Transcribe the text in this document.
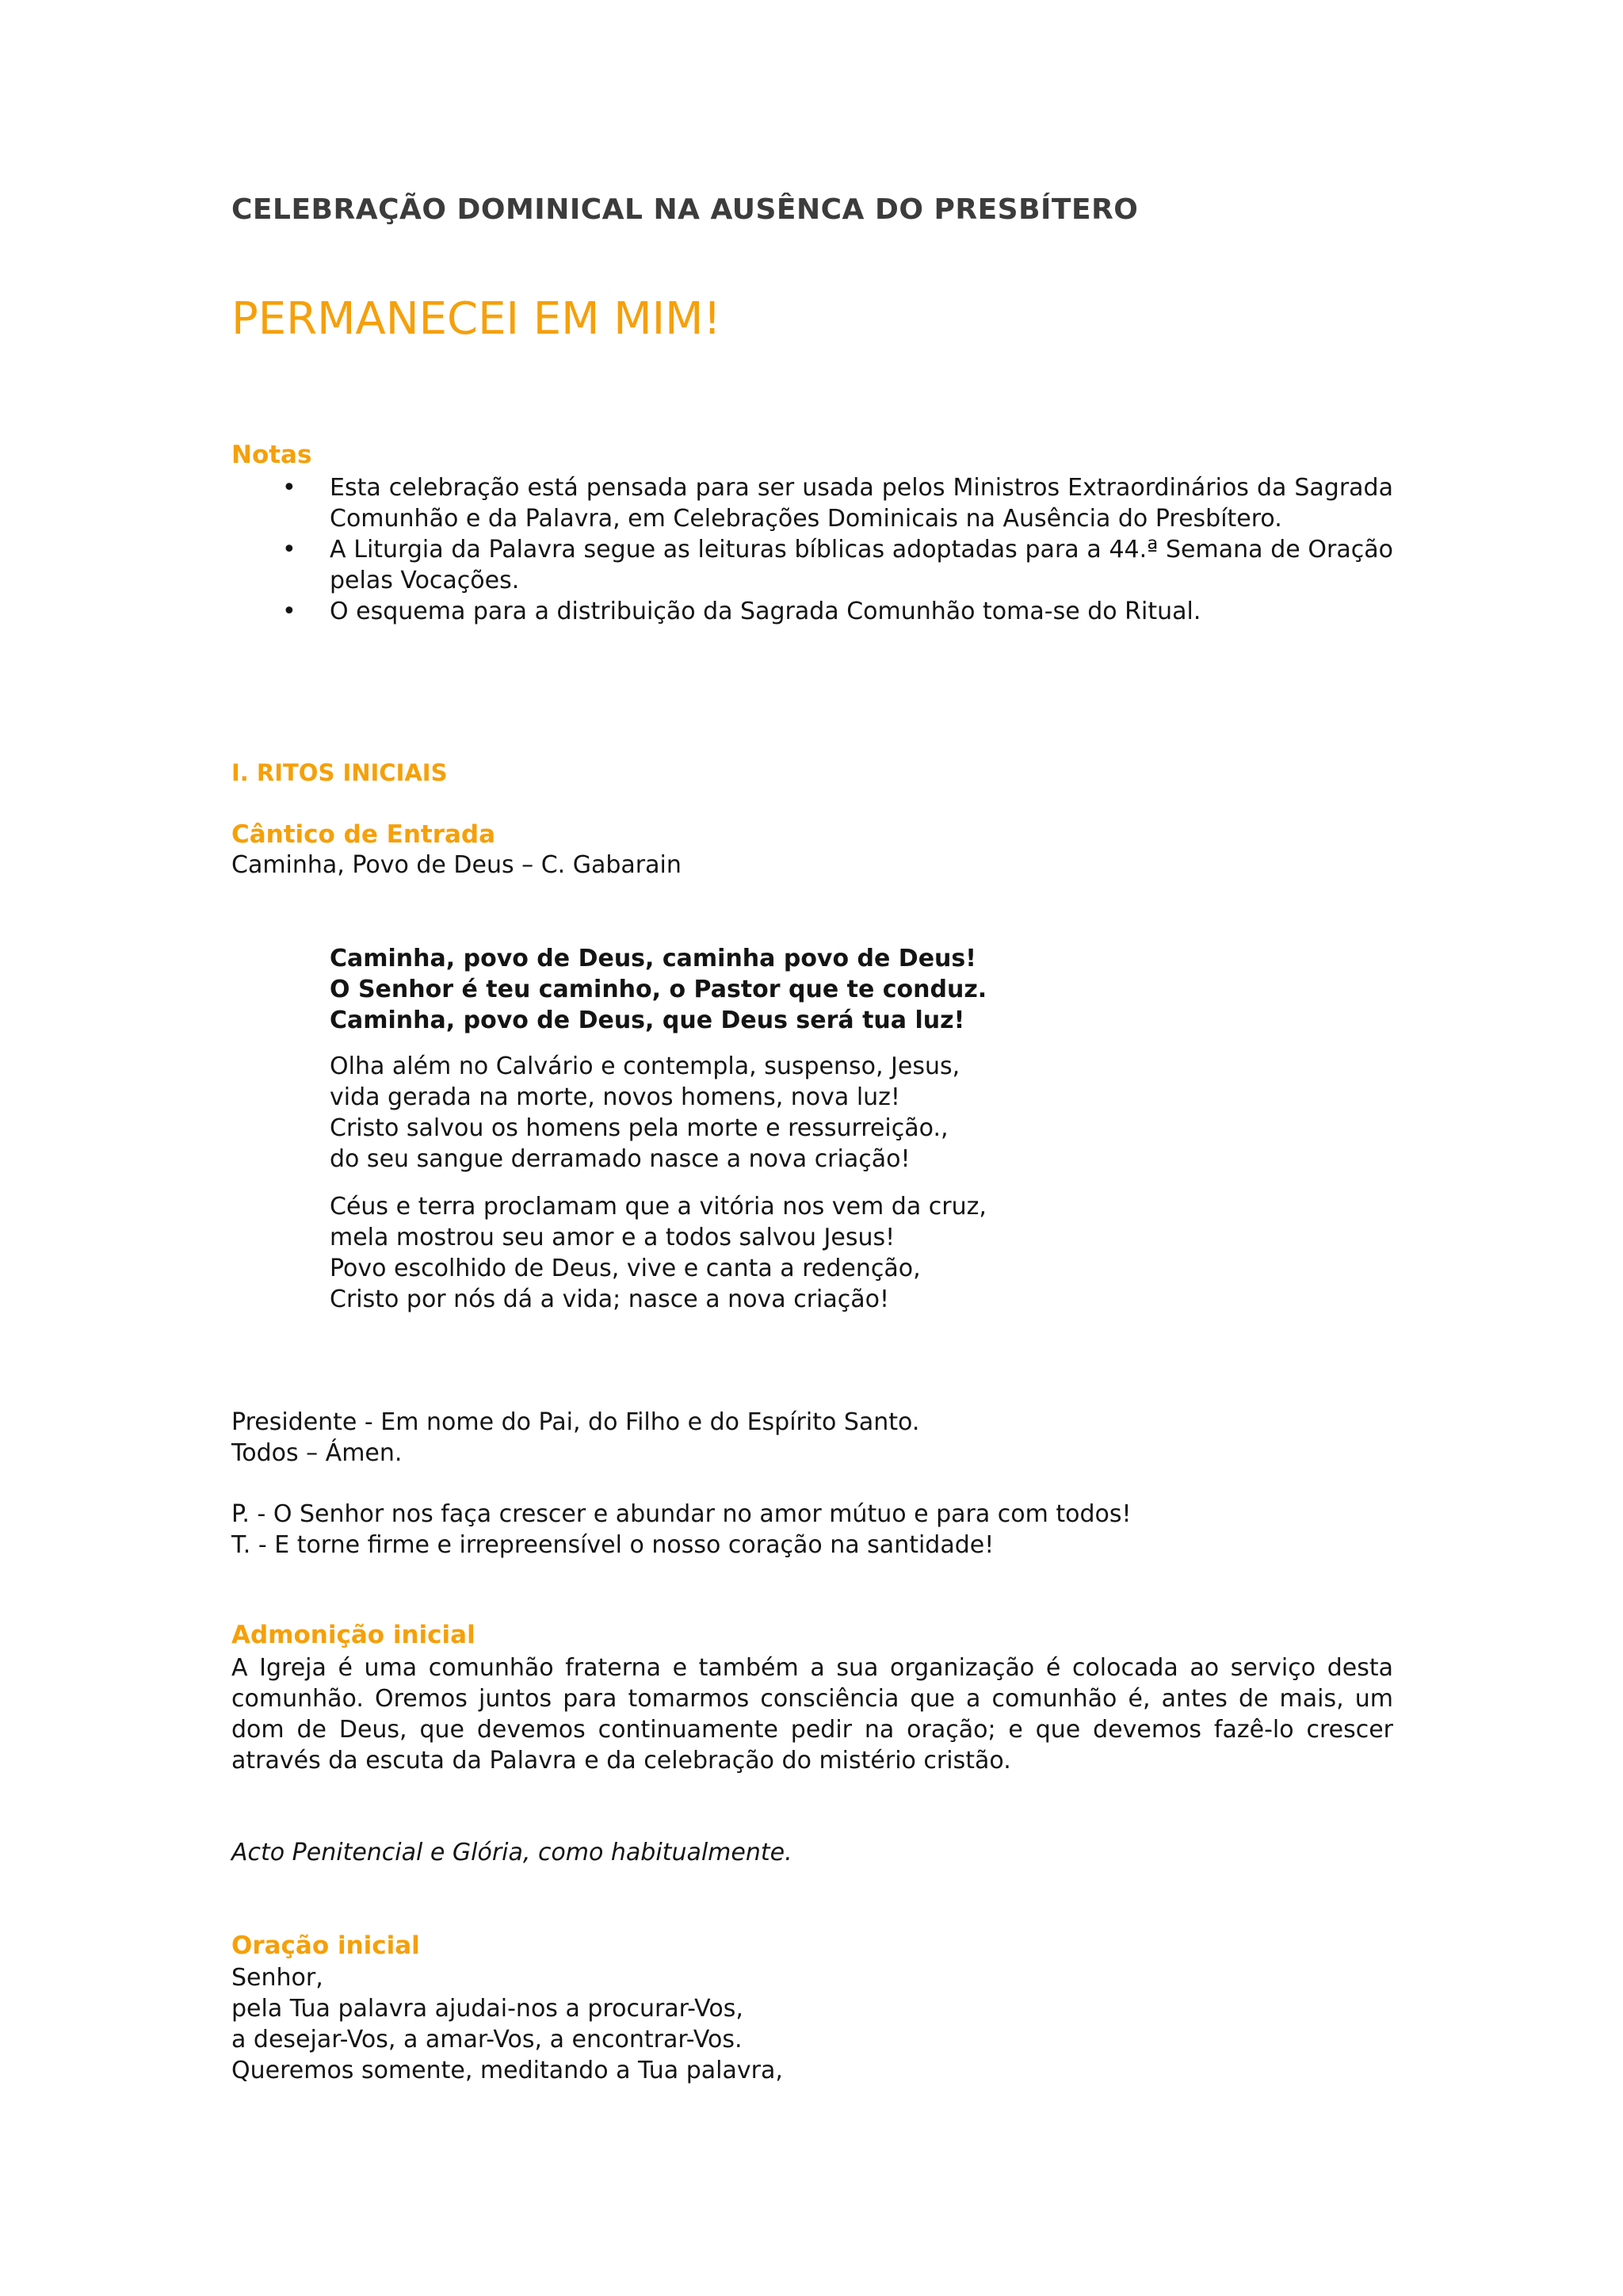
CELEBRAÇÃO DOMINICAL NA AUSÊNCA DO PRESBÍTERO
PERMANECEI EM MIM!
Notas
• Esta celebração está pensada para ser usada pelos Ministros Extraordinários da Sagrada Comunhão e da Palavra, em Celebrações Dominicais na Ausência do Presbítero.
• A Liturgia da Palavra segue as leituras bíblicas adoptadas para a 44.ª Semana de Oração pelas Vocações.
• O esquema para a distribuição da Sagrada Comunhão toma-se do Ritual.
I. RITOS INICIAIS
Cântico de Entrada
Caminha, Povo de Deus – C. Gabarain
Caminha, povo de Deus, caminha povo de Deus!
O Senhor é teu caminho, o Pastor que te conduz.
Caminha, povo de Deus, que Deus será tua luz!
Olha além no Calvário e contempla, suspenso, Jesus,
vida gerada na morte, novos homens, nova luz!
Cristo salvou os homens pela morte e ressurreição.,
do seu sangue derramado nasce a nova criação!
Céus e terra proclamam que a vitória nos vem da cruz,
mela mostrou seu amor e a todos salvou Jesus!
Povo escolhido de Deus, vive e canta a redenção,
Cristo por nós dá a vida; nasce a nova criação!
Presidente - Em nome do Pai, do Filho e do Espírito Santo.
Todos – Ámen.
P. - O Senhor nos faça crescer e abundar no amor mútuo e para com todos!
T. - E torne firme e irrepreensível o nosso coração na santidade!
Admonição inicial
A Igreja é uma comunhão fraterna e também a sua organização é colocada ao serviço desta comunhão. Oremos juntos para tomarmos consciência que a comunhão é, antes de mais, um dom de Deus, que devemos continuamente pedir na oração; e que devemos fazê-lo crescer através da escuta da Palavra e da celebração do mistério cristão.
Acto Penitencial e Glória, como habitualmente.
Oração inicial
Senhor,
pela Tua palavra ajudai-nos a procurar-Vos,
a desejar-Vos, a amar-Vos, a encontrar-Vos.
Queremos somente, meditando a Tua palavra,
